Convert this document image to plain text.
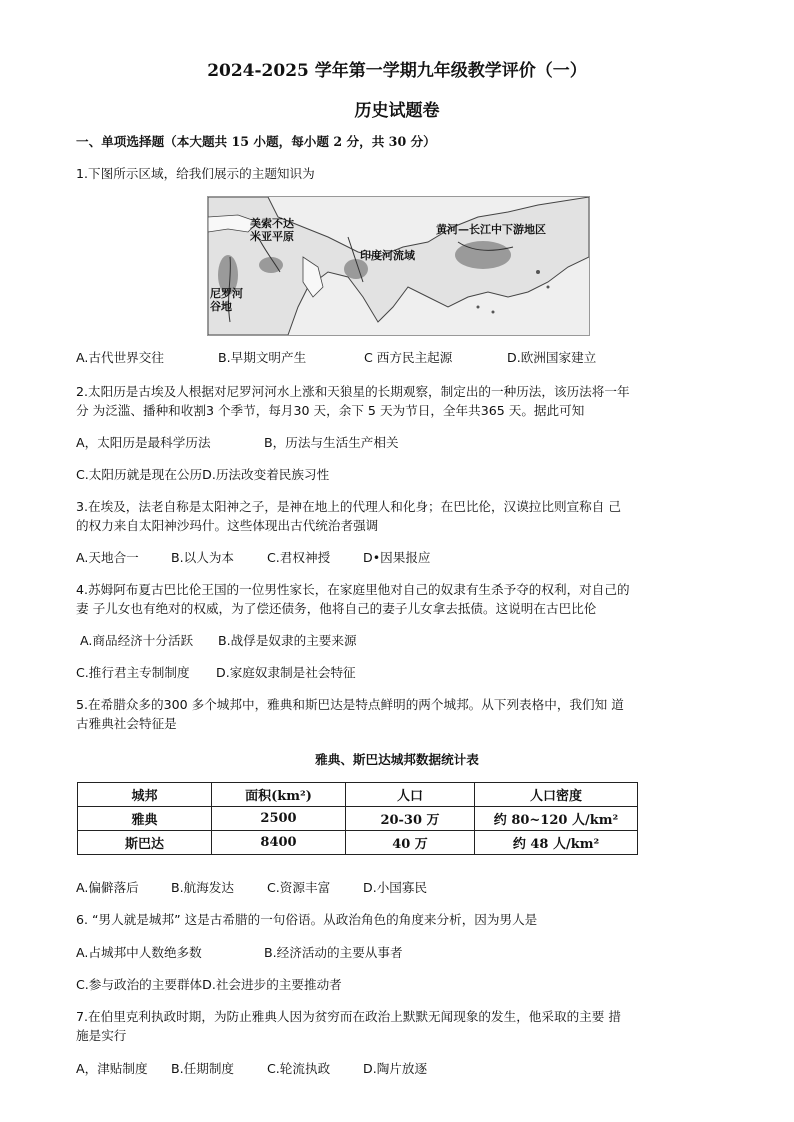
2024-2025 学年第一学期九年级教学评价（一）
历史试题卷
一、单项选择题（本大题共 15 小题，每小题 2 分，共 30 分）
1.下图所示区域，给我们展示的主题知识为
美索不达
米亚平原
尼罗河
谷地
印度河流域
黄河—长江中下游地区
A.古代世界交往	B.早期文明产生	C 西方民主起源	D.欧洲国家建立
2.太阳历是古埃及人根据对尼罗河河水上涨和天狼星的长期观察，制定出的一种历法，该历法将一年
分 为泛滥、播种和收割3 个季节，每月30 天，余下 5 天为节日，全年共365 天。据此可知
A，太阳历是最科学历法	B，历法与生活生产相关
C.太阳历就是现在公历D.历法改变着民族习性
3.在埃及，法老自称是太阳神之子，是神在地上的代理人和化身；在巴比伦，汉谟拉比则宣称自 己
的权力来自太阳神沙玛什。这些体现出古代统治者强调
A.天地合一	B.以人为本	C.君权神授	D•因果报应
4.苏姆阿布夏古巴比伦王国的一位男性家长，在家庭里他对自己的奴隶有生杀予夺的权利，对自己的
妻 子儿女也有绝对的权威，为了偿还债务，他将自己的妻子儿女拿去抵债。这说明在古巴比伦
A.商品经济十分活跃 B.战俘是奴隶的主要来源
C.推行君主专制制度 D.家庭奴隶制是社会特征
5.在希腊众多的300 多个城邦中，雅典和斯巴达是特点鲜明的两个城邦。从下列表格中，我们知 道
古雅典社会特征是
雅典、斯巴达城邦数据统计表
城邦	面积(km²)	人口	人口密度
雅典	2500	20-30 万	约 80~120 人/km²
斯巴达	8400	40 万	约 48 人/km²
A.偏僻落后	B.航海发达	C.资源丰富	D.小国寡民
6. “男人就是城邦” 这是古希腊的一句俗语。从政治角色的角度来分析，因为男人是
A.占城邦中人数绝多数	B.经济活动的主要从事者
C.参与政治的主要群体D.社会进步的主要推动者
7.在伯里克利执政时期，为防止雅典人因为贫穷而在政治上默默无闻现象的发生，他采取的主要 措
施是实行
A，津贴制度 B.任期制度	C.轮流执政	D.陶片放逐
